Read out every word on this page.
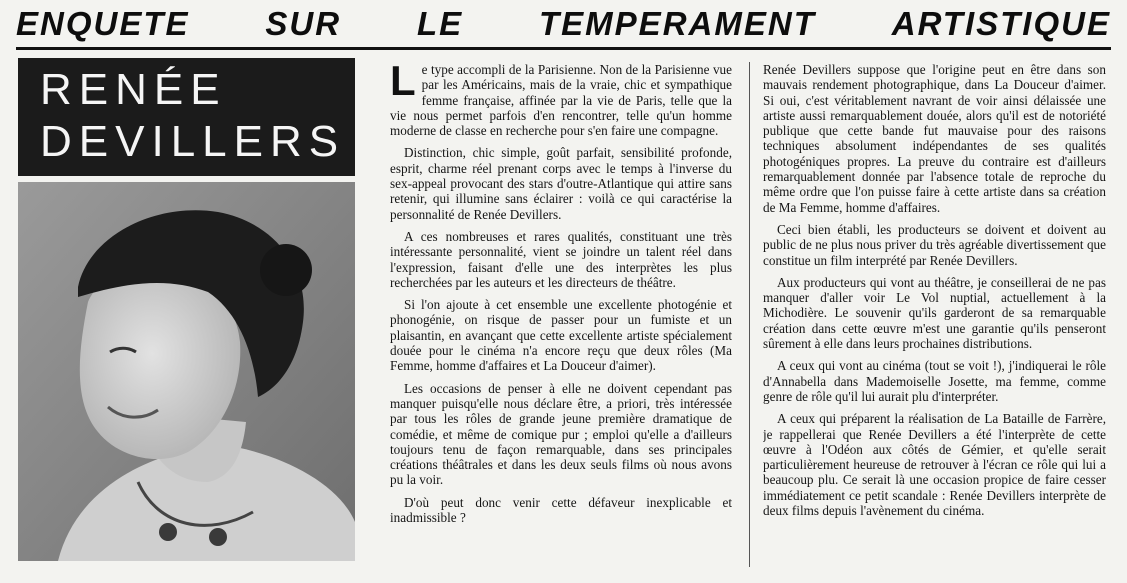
ENQUETE SUR LE TEMPERAMENT ARTISTIQUE
RENÉE
DEVILLERS

Le type accompli de la Parisienne. Non de la Parisienne vue par les Américains, mais de la vraie, chic et sympathique femme française, affinée par la vie de Paris, telle que la vie nous permet parfois d'en rencontrer, telle qu'un homme moderne de classe en recherche pour s'en faire une compagne.

Distinction, chic simple, goût parfait, sensibilité profonde, esprit, charme réel prenant corps avec le temps à l'inverse du sex-appeal provocant des stars d'outre-Atlantique qui attire sans retenir, qui illumine sans éclairer : voilà ce qui caractérise la personnalité de Renée Devillers.

A ces nombreuses et rares qualités, constituant une très intéressante personnalité, vient se joindre un talent réel dans l'expression, faisant d'elle une des interprètes les plus recherchées par les auteurs et les directeurs de théâtre.

Si l'on ajoute à cet ensemble une excellente photogénie et phonogénie, on risque de passer pour un fumiste et un plaisantin, en avançant que cette excellente artiste spécialement douée pour le cinéma n'a encore reçu que deux rôles (Ma Femme, homme d'affaires et La Douceur d'aimer).

Les occasions de penser à elle ne doivent cependant pas manquer puisqu'elle nous déclare être, a priori, très intéressée par tous les rôles de grande jeune première dramatique de comédie, et même de comique pur ; emploi qu'elle a d'ailleurs toujours tenu de façon remarquable, dans ses principales créations théâtrales et dans les deux seuls films où nous avons pu la voir.

D'où peut donc venir cette défaveur inexplicable et inadmissible ?

Renée Devillers suppose que l'origine peut en être dans son mauvais rendement photographique, dans La Douceur d'aimer. Si oui, c'est véritablement navrant de voir ainsi délaissée une artiste aussi remarquablement douée, alors qu'il est de notoriété publique que cette bande fut mauvaise pour des raisons techniques absolument indépendantes de ses qualités photogéniques propres. La preuve du contraire est d'ailleurs remarquablement donnée par l'absence totale de reproche du même ordre que l'on puisse faire à cette artiste dans sa création de Ma Femme, homme d'affaires.

Ceci bien établi, les producteurs se doivent et doivent au public de ne plus nous priver du très agréable divertissement que constitue un film interprété par Renée Devillers.

Aux producteurs qui vont au théâtre, je conseillerai de ne pas manquer d'aller voir Le Vol nuptial, actuellement à la Michodière. Le souvenir qu'ils garderont de sa remarquable création dans cette œuvre m'est une garantie qu'ils penseront sûrement à elle dans leurs prochaines distributions.

A ceux qui vont au cinéma (tout se voit !), j'indiquerai le rôle d'Annabella dans Mademoiselle Josette, ma femme, comme genre de rôle qu'il lui aurait plu d'interpréter.

A ceux qui préparent la réalisation de La Bataille de Farrère, je rappellerai que Renée Devillers a été l'interprète de cette œuvre à l'Odéon aux côtés de Gémier, et qu'elle serait particulièrement heureuse de retrouver à l'écran ce rôle qui lui a beaucoup plu. Ce serait là une occasion propice de faire cesser immédiatement ce petit scandale : Renée Devillers interprète de deux films depuis l'avènement du cinéma.
